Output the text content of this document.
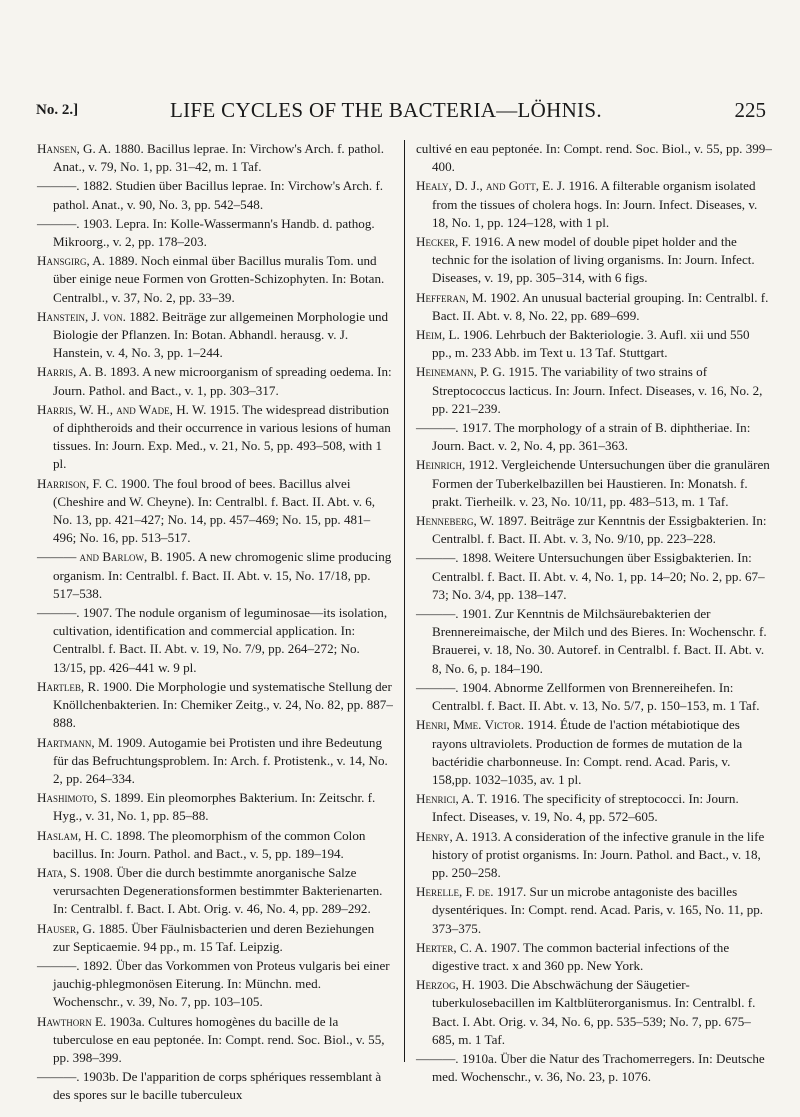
No. 2.]	LIFE CYCLES OF THE BACTERIA—LÖHNIS.	225

Hansen, G. A. 1880. Bacillus leprae. In: Virchow's Arch. f. pathol. Anat., v. 79, No. 1, pp. 31–42, m. 1 Taf.

———. 1882. Studien über Bacillus leprae. In: Virchow's Arch. f. pathol. Anat., v. 90, No. 3, pp. 542–548.

———. 1903. Lepra. In: Kolle-Wassermann's Handb. d. pathog. Mikroorg., v. 2, pp. 178–203.

Hansgirg, A. 1889. Noch einmal über Bacillus muralis Tom. und über einige neue Formen von Grotten-Schizophyten. In: Botan. Centralbl., v. 37, No. 2, pp. 33–39.

Hanstein, J. von. 1882. Beiträge zur allgemeinen Morphologie und Biologie der Pflanzen. In: Botan. Abhandl. herausg. v. J. Hanstein, v. 4, No. 3, pp. 1–244.

Harris, A. B. 1893. A new microorganism of spreading oedema. In: Journ. Pathol. and Bact., v. 1, pp. 303–317.

Harris, W. H., and Wade, H. W. 1915. The widespread distribution of diphtheroids and their occurrence in various lesions of human tissues. In: Journ. Exp. Med., v. 21, No. 5, pp. 493–508, with 1 pl.

Harrison, F. C. 1900. The foul brood of bees. Bacillus alvei (Cheshire and W. Cheyne). In: Centralbl. f. Bact. II. Abt. v. 6, No. 13, pp. 421–427; No. 14, pp. 457–469; No. 15, pp. 481–496; No. 16, pp. 513–517.

——— and Barlow, B. 1905. A new chromogenic slime producing organism. In: Centralbl. f. Bact. II. Abt. v. 15, No. 17/18, pp. 517–538.

———. 1907. The nodule organism of leguminosae—its isolation, cultivation, identification and commercial application. In: Centralbl. f. Bact. II. Abt. v. 19, No. 7/9, pp. 264–272; No. 13/15, pp. 426–441 w. 9 pl.

Hartleb, R. 1900. Die Morphologie und systematische Stellung der Knöllchenbakterien. In: Chemiker Zeitg., v. 24, No. 82, pp. 887–888.

Hartmann, M. 1909. Autogamie bei Protisten und ihre Bedeutung für das Befruchtungsproblem. In: Arch. f. Protistenk., v. 14, No. 2, pp. 264–334.

Hashimoto, S. 1899. Ein pleomorphes Bakterium. In: Zeitschr. f. Hyg., v. 31, No. 1, pp. 85–88.

Haslam, H. C. 1898. The pleomorphism of the common Colon bacillus. In: Journ. Pathol. and Bact., v. 5, pp. 189–194.

Hata, S. 1908. Über die durch bestimmte anorganische Salze verursachten Degenerationsformen bestimmter Bakterienarten. In: Centralbl. f. Bact. I. Abt. Orig. v. 46, No. 4, pp. 289–292.

Hauser, G. 1885. Über Fäulnisbacterien und deren Beziehungen zur Septicaemie. 94 pp., m. 15 Taf. Leipzig.

———. 1892. Über das Vorkommen von Proteus vulgaris bei einer jauchig-phlegmonösen Eiterung. In: Münchn. med. Wochenschr., v. 39, No. 7, pp. 103–105.

Hawthorn E. 1903a. Cultures homogènes du bacille de la tuberculose en eau peptonée. In: Compt. rend. Soc. Biol., v. 55, pp. 398–399.

———. 1903b. De l'apparition de corps sphériques ressemblant à des spores sur le bacille tuberculeux

cultivé en eau peptonée. In: Compt. rend. Soc. Biol., v. 55, pp. 399–400.

Healy, D. J., and Gott, E. J. 1916. A filterable organism isolated from the tissues of cholera hogs. In: Journ. Infect. Diseases, v. 18, No. 1, pp. 124–128, with 1 pl.

Hecker, F. 1916. A new model of double pipet holder and the technic for the isolation of living organisms. In: Journ. Infect. Diseases, v. 19, pp. 305–314, with 6 figs.

Hefferan, M. 1902. An unusual bacterial grouping. In: Centralbl. f. Bact. II. Abt. v. 8, No. 22, pp. 689–699.

Heim, L. 1906. Lehrbuch der Bakteriologie. 3. Aufl. xii und 550 pp., m. 233 Abb. im Text u. 13 Taf. Stuttgart.

Heinemann, P. G. 1915. The variability of two strains of Streptococcus lacticus. In: Journ. Infect. Diseases, v. 16, No. 2, pp. 221–239.

———. 1917. The morphology of a strain of B. diphtheriae. In: Journ. Bact. v. 2, No. 4, pp. 361–363.

Heinrich, 1912. Vergleichende Untersuchungen über die granulären Formen der Tuberkelbazillen bei Haustieren. In: Monatsh. f. prakt. Tierheilk. v. 23, No. 10/11, pp. 483–513, m. 1 Taf.

Henneberg, W. 1897. Beiträge zur Kenntnis der Essigbakterien. In: Centralbl. f. Bact. II. Abt. v. 3, No. 9/10, pp. 223–228.

———. 1898. Weitere Untersuchungen über Essigbakterien. In: Centralbl. f. Bact. II. Abt. v. 4, No. 1, pp. 14–20; No. 2, pp. 67–73; No. 3/4, pp. 138–147.

———. 1901. Zur Kenntnis de Milchsäurebakterien der Brennereimaische, der Milch und des Bieres. In: Wochenschr. f. Brauerei, v. 18, No. 30. Autoref. in Centralbl. f. Bact. II. Abt. v. 8, No. 6, p. 184–190.

———. 1904. Abnorme Zellformen von Brennereihefen. In: Centralbl. f. Bact. II. Abt. v. 13, No. 5/7, p. 150–153, m. 1 Taf.

Henri, Mme. Victor. 1914. Étude de l'action métabiotique des rayons ultraviolets. Production de formes de mutation de la bactéridie charbonneuse. In: Compt. rend. Acad. Paris, v. 158,pp. 1032–1035, av. 1 pl.

Henrici, A. T. 1916. The specificity of streptococci. In: Journ. Infect. Diseases, v. 19, No. 4, pp. 572–605.

Henry, A. 1913. A consideration of the infective granule in the life history of protist organisms. In: Journ. Pathol. and Bact., v. 18, pp. 250–258.

Herelle, F. de. 1917. Sur un microbe antagoniste des bacilles dysentériques. In: Compt. rend. Acad. Paris, v. 165, No. 11, pp. 373–375.

Herter, C. A. 1907. The common bacterial infections of the digestive tract. x and 360 pp. New York.

Herzog, H. 1903. Die Abschwächung der Säugetier-tuberkulosebacillen im Kaltblüterorganismus. In: Centralbl. f. Bact. I. Abt. Orig. v. 34, No. 6, pp. 535–539; No. 7, pp. 675–685, m. 1 Taf.

———. 1910a. Über die Natur des Trachomerregers. In: Deutsche med. Wochenschr., v. 36, No. 23, p. 1076.
